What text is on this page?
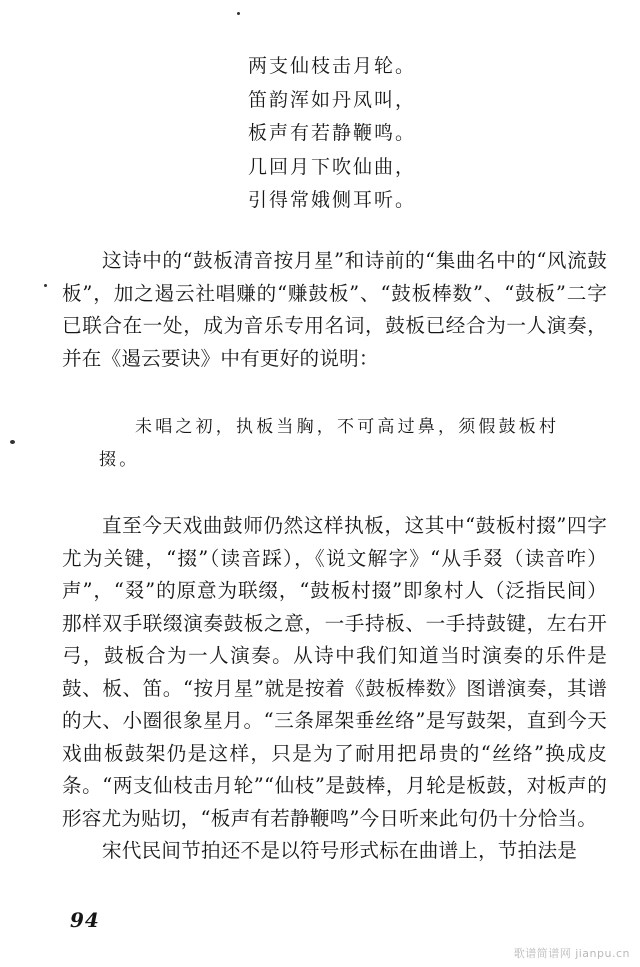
两支仙枝击月轮。
笛韵浑如丹凤叫，
板声有若静鞭鸣。
几回月下吹仙曲，
引得常娥侧耳听。

这诗中的“鼓板清音按月星”和诗前的“集曲名中的“风流鼓板”，加之遏云社唱赚的“赚鼓板”、“鼓板棒数”、“鼓板”二字已联合在一处，成为音乐专用名词，鼓板已经合为一人演奏，并在《遏云要诀》中有更好的说明：

未唱之初，执板当胸，不可高过鼻，须假鼓板村掇。

直至今天戏曲鼓师仍然这样执板，这其中“鼓板村掇”四字尤为关键，“掇”（读音踩），《说文解字》“从手叕（读音咋）声”，“叕”的原意为联缀，“鼓板村掇”即象村人（泛指民间）那样双手联缀演奏鼓板之意，一手持板、一手持鼓键，左右开弓，鼓板合为一人演奏。从诗中我们知道当时演奏的乐件是鼓、板、笛。“按月星”就是按着《鼓板棒数》图谱演奏，其谱的大、小圈很象星月。“三条犀架垂丝络”是写鼓架，直到今天戏曲板鼓架仍是这样，只是为了耐用把昂贵的“丝络”换成皮条。“两支仙枝击月轮”“仙枝”是鼓棒，月轮是板鼓，对板声的形容尤为贴切，“板声有若静鞭鸣”今日听来此句仍十分恰当。
宋代民间节拍还不是以符号形式标在曲谱上，节拍法是

94
歌谱简谱网 jianpu.cn
